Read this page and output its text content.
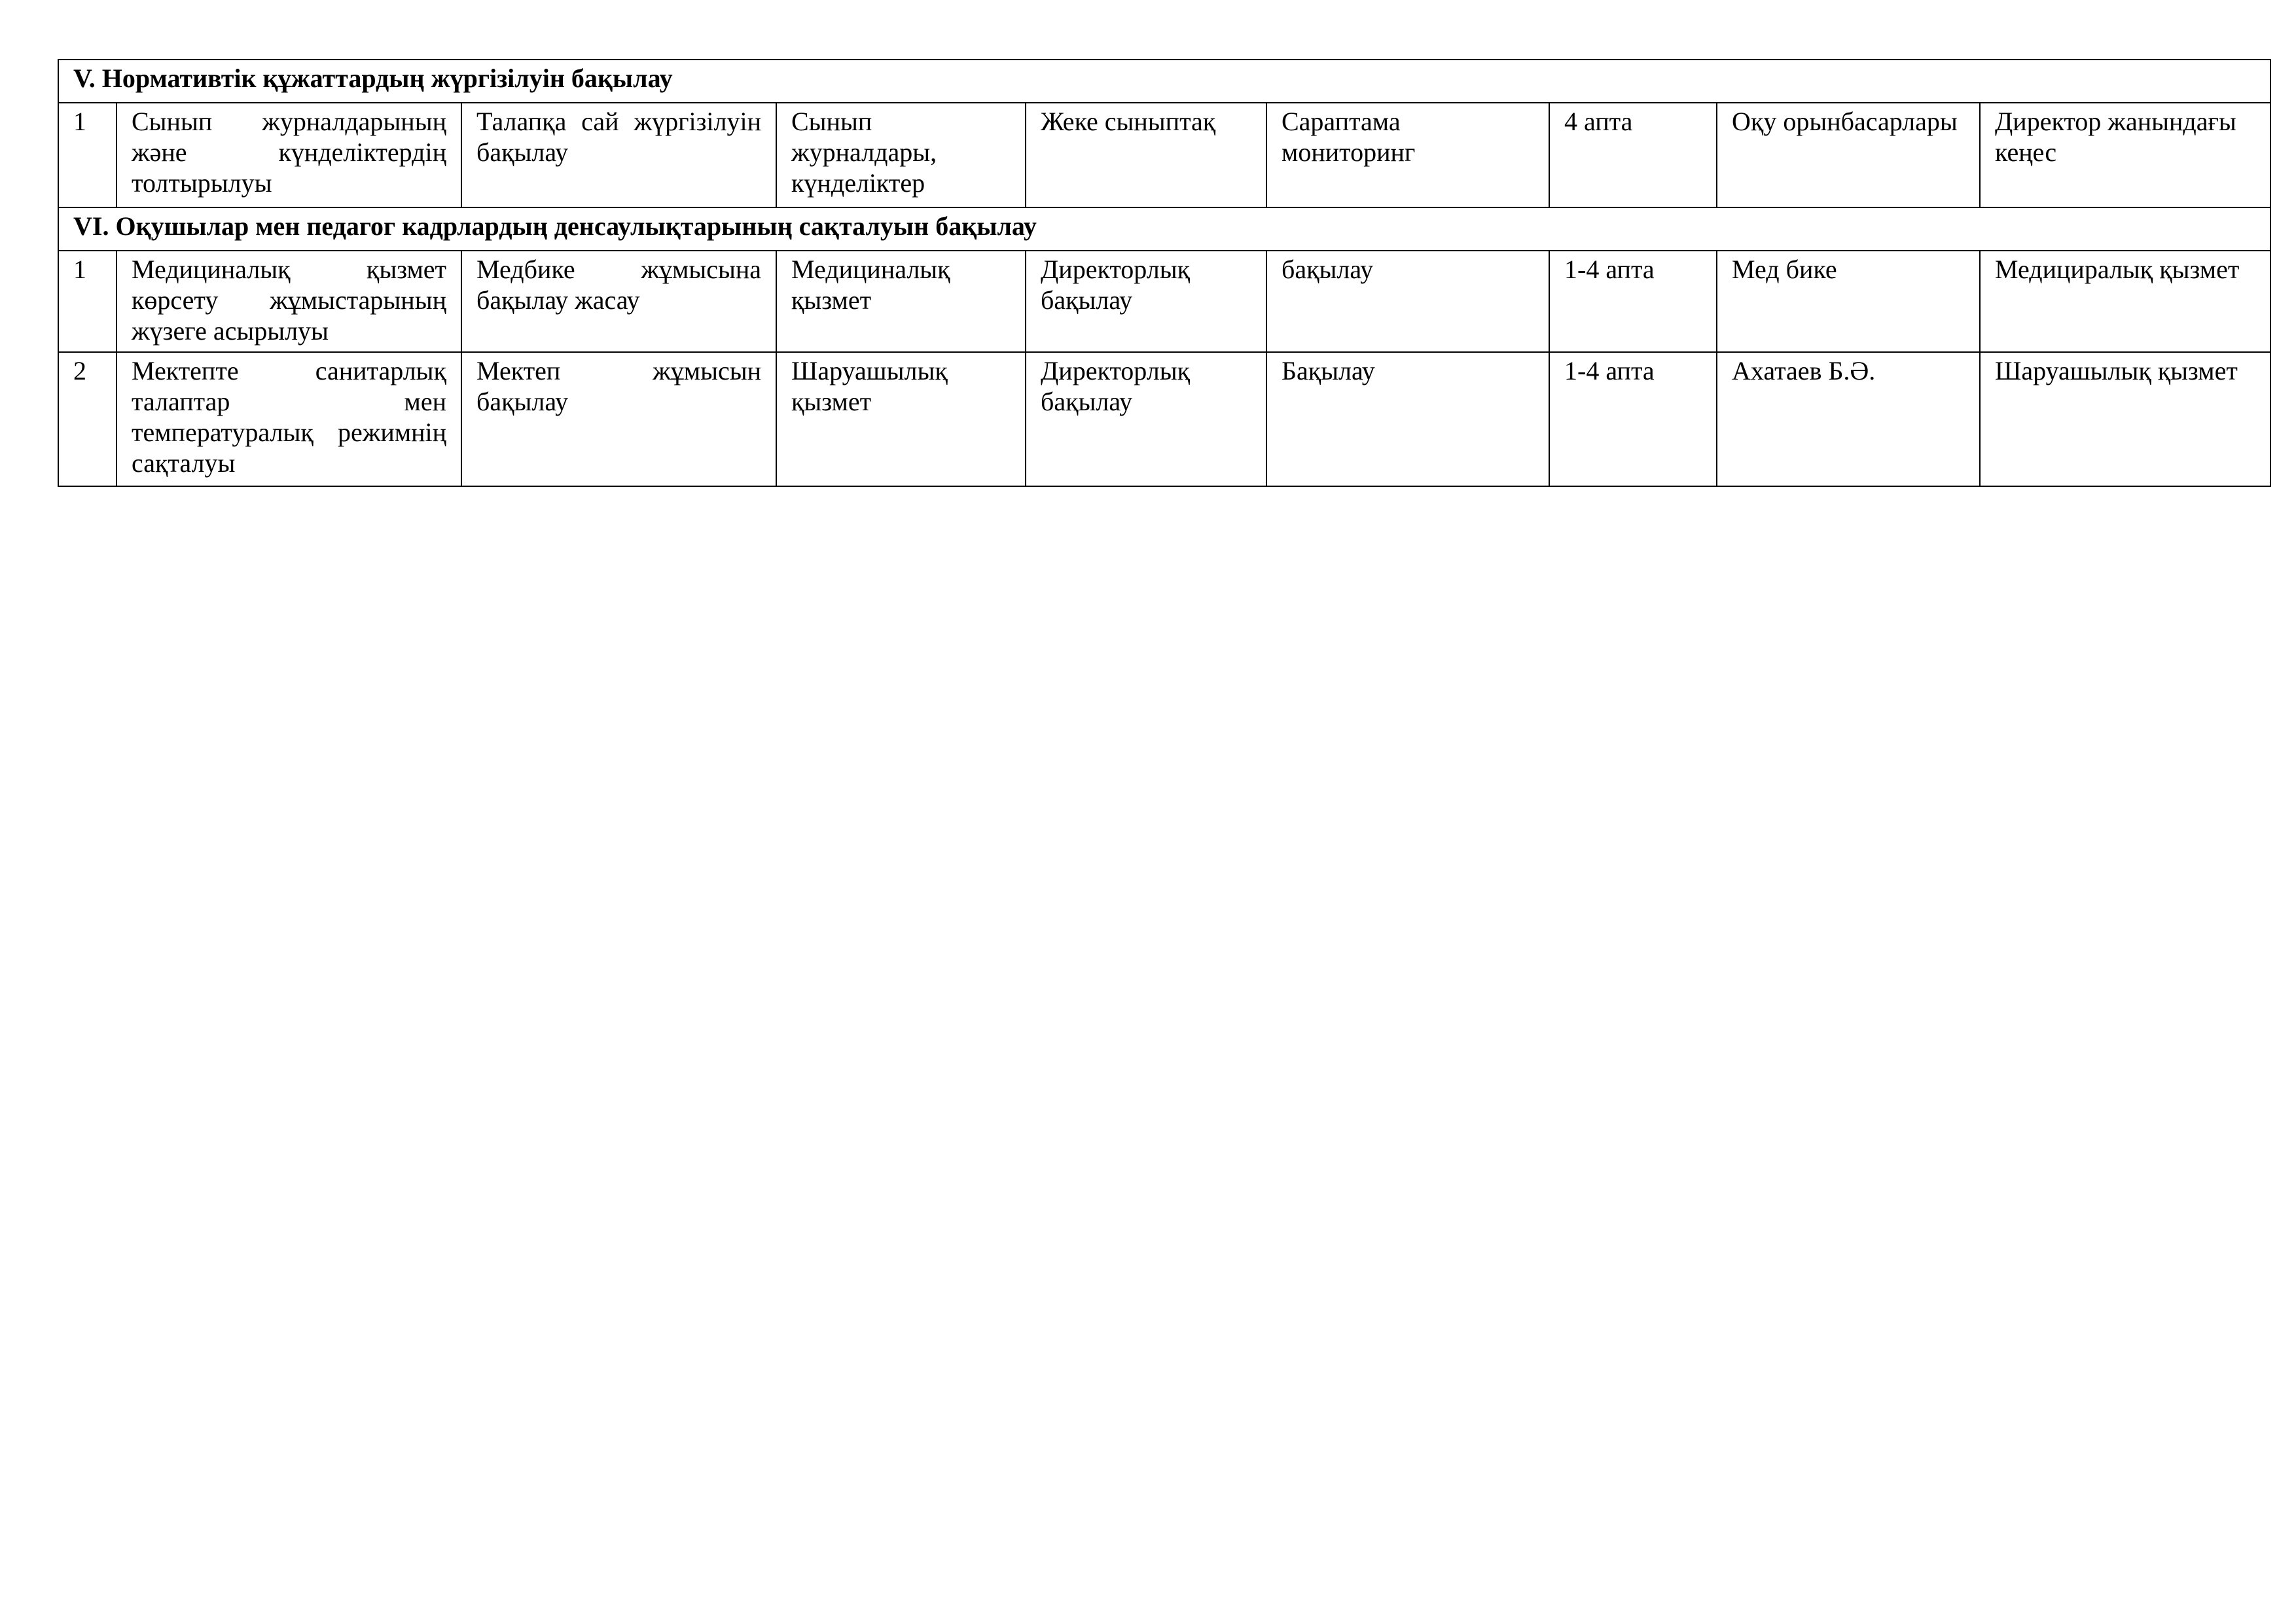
V. Нормативтік құжаттардың жүргізілуін бақылау								
1	Сынып журналдарының және күнделіктердің толтырылуы	Талапқа сай жүргізілуін бақылау	Сынып журналдары, күнделіктер	Жеке сыныптақ	Сараптама мониторинг	4 апта	Оқу орынбасарлары	Директор жанындағы кеңес
VI. Оқушылар мен педагог кадрлардың денсаулықтарының сақталуын бақылау								
1	Медициналық қызмет көрсету жұмыстарының жүзеге асырылуы	Медбике жұмысына бақылау жасау	Медициналық қызмет	Директорлық бақылау	бақылау	1-4 апта	Мед бике	Медициралық қызмет
2	Мектепте санитарлық талаптар мен температуралық режимнің сақталуы	Мектеп жұмысын бақылау	Шаруашылық қызмет	Директорлық бақылау	Бақылау	1-4 апта	Ахатаев Б.Ә.	Шаруашылық қызмет
